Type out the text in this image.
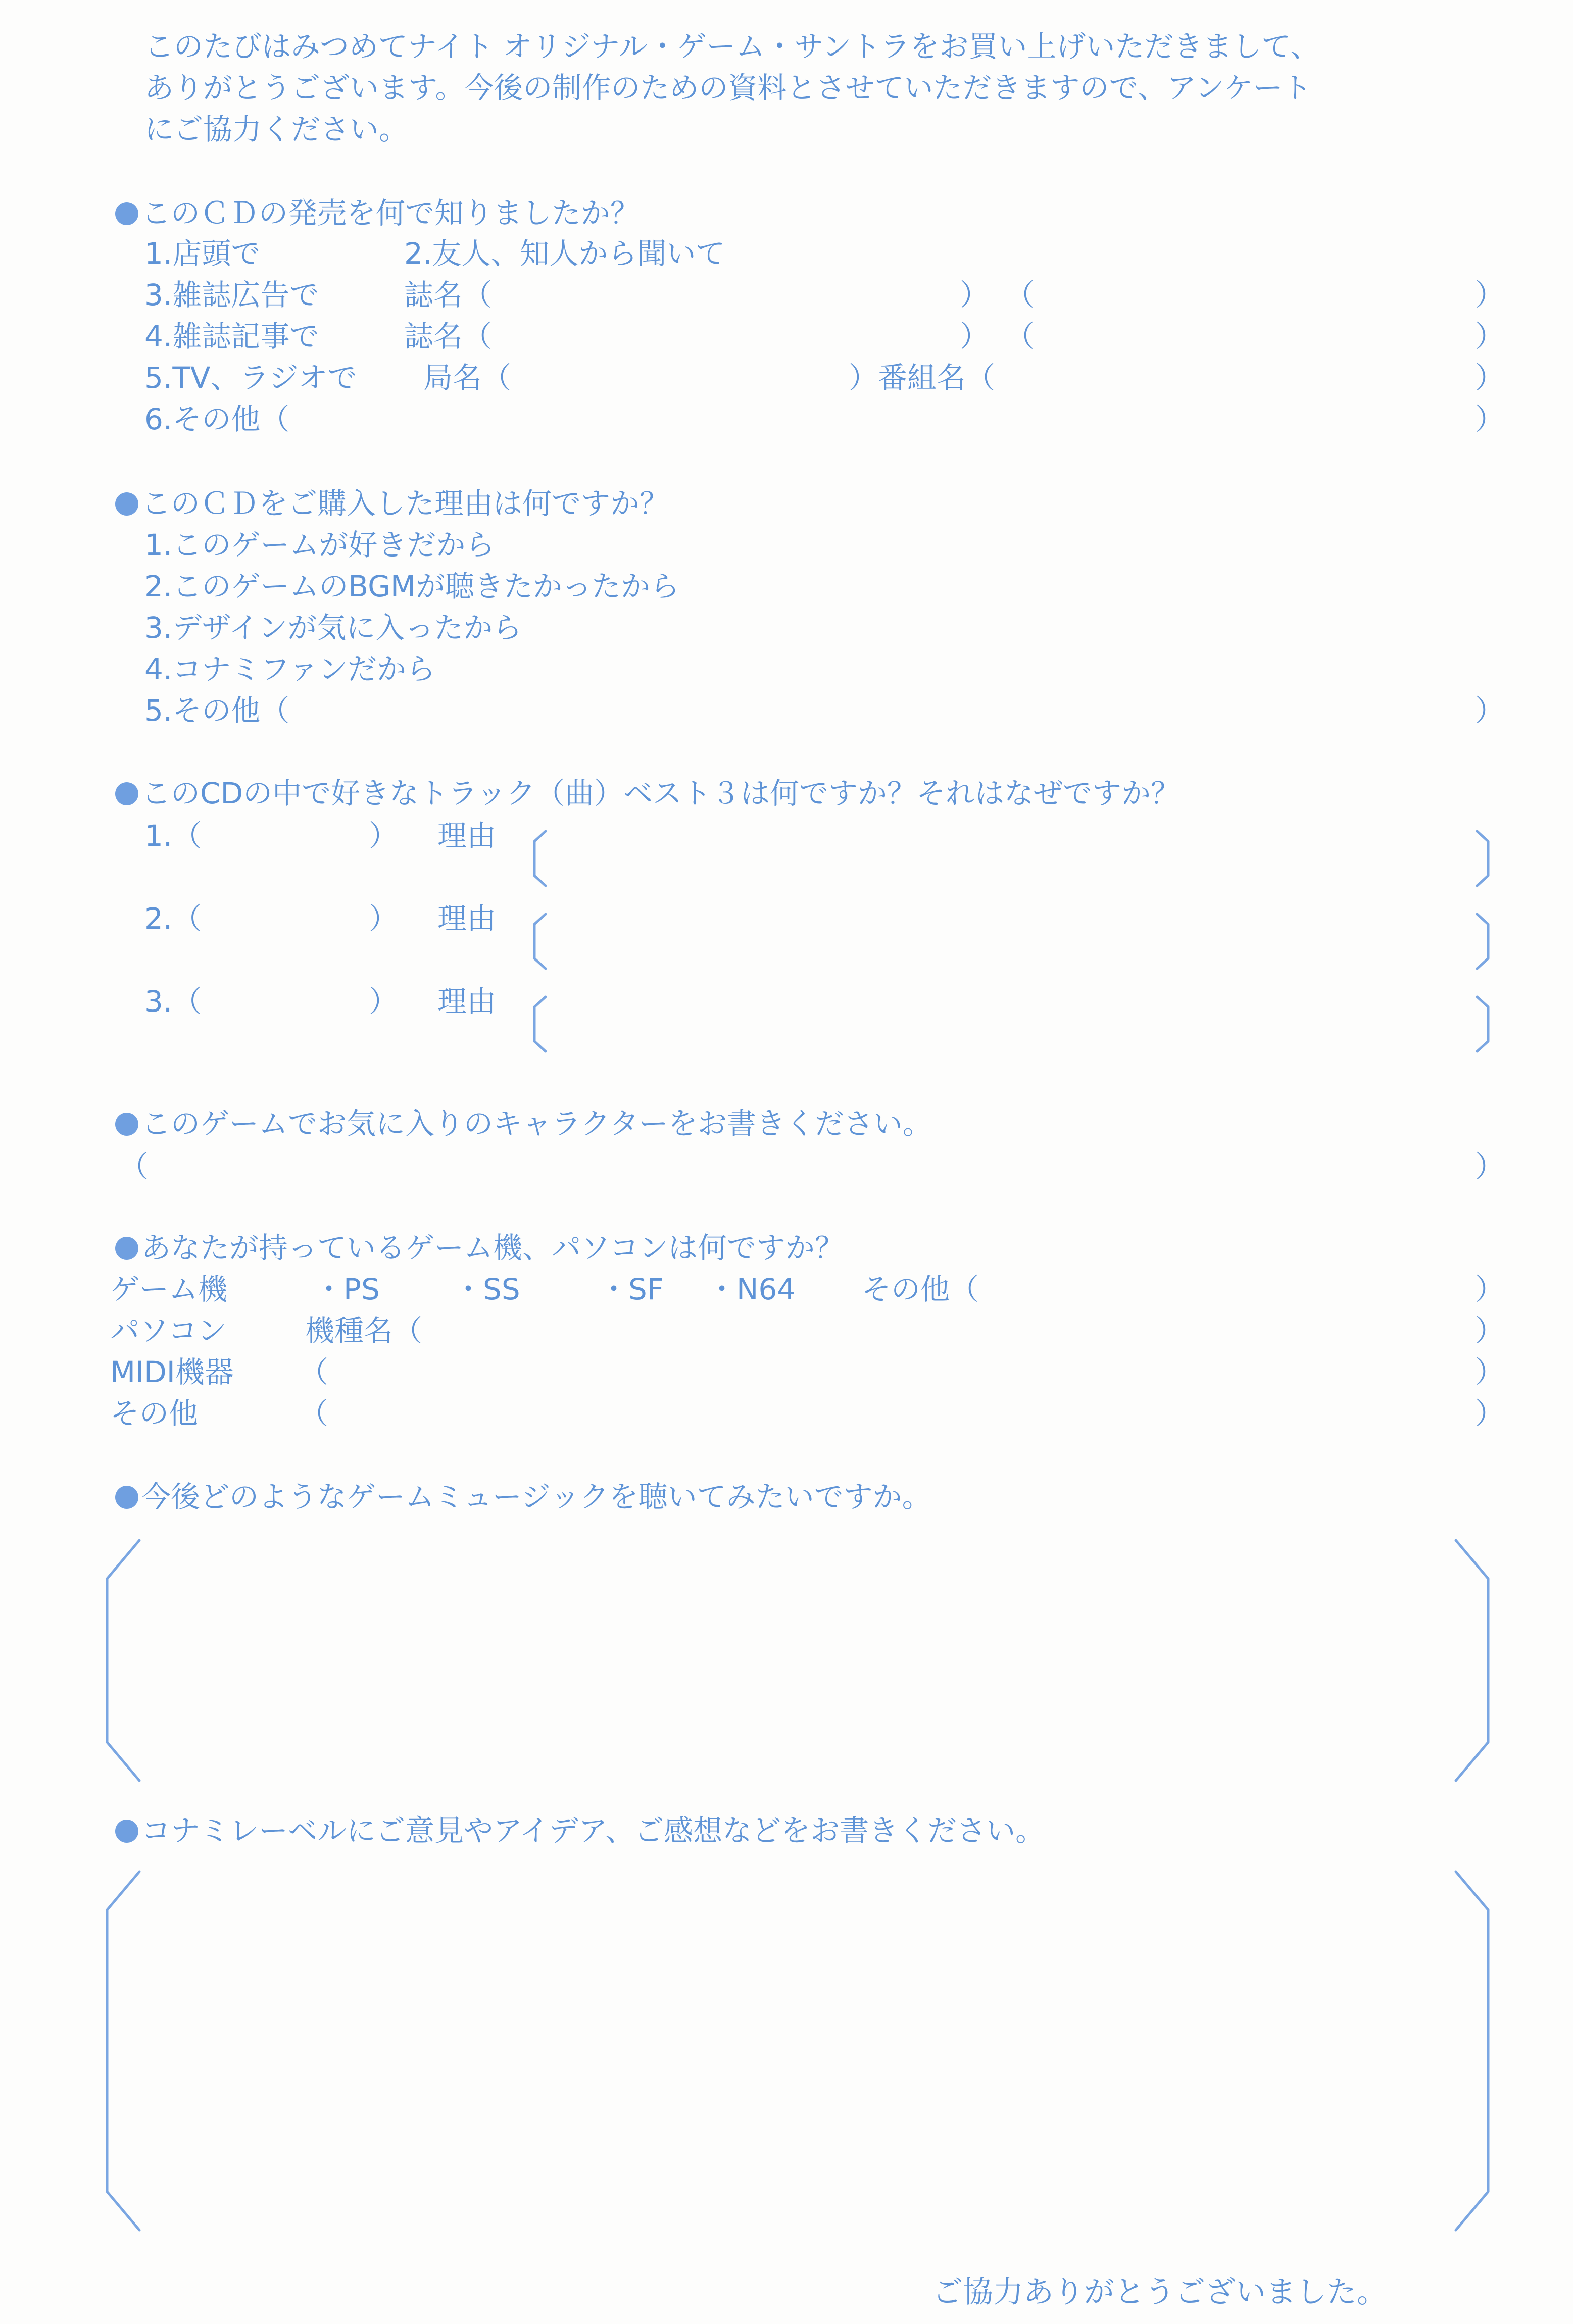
このたびはみつめてナイト オリジナル・ゲーム・サントラをお買い上げいただきまして、
ありがとうございます。今後の制作のための資料とさせていただきますので、アンケート
にご協力ください。
このＣＤの発売を何で知りましたか？
1.店頭で	2.友人、知人から聞いて
3.雑誌広告で	誌名（	） （	）
4.雑誌記事で	誌名（	） （	）
5.TV、ラジオで 局名（	）番組名（	）
6.その他（	）
このＣＤをご購入した理由は何ですか？
1.このゲームが好きだから
2.このゲームのBGMが聴きたかったから
3.デザインが気に入ったから
4.コナミファンだから
5.その他（	）
このCDの中で好きなトラック（曲）ベスト３は何ですか？それはなぜですか？
1.（	） 理由
2.（	） 理由
3.（	） 理由
このゲームでお気に入りのキャラクターをお書きください。
（	）
あなたが持っているゲーム機、パソコンは何ですか？
ゲーム機	・PS	・SS	・SF ・N64 その他（	）
パソコン	機種名（	）
MIDI機器 （	）
その他	（	）
今後どのようなゲームミュージックを聴いてみたいですか。
コナミレーベルにご意見やアイデア、ご感想などをお書きください。
ご協力ありがとうございました。
